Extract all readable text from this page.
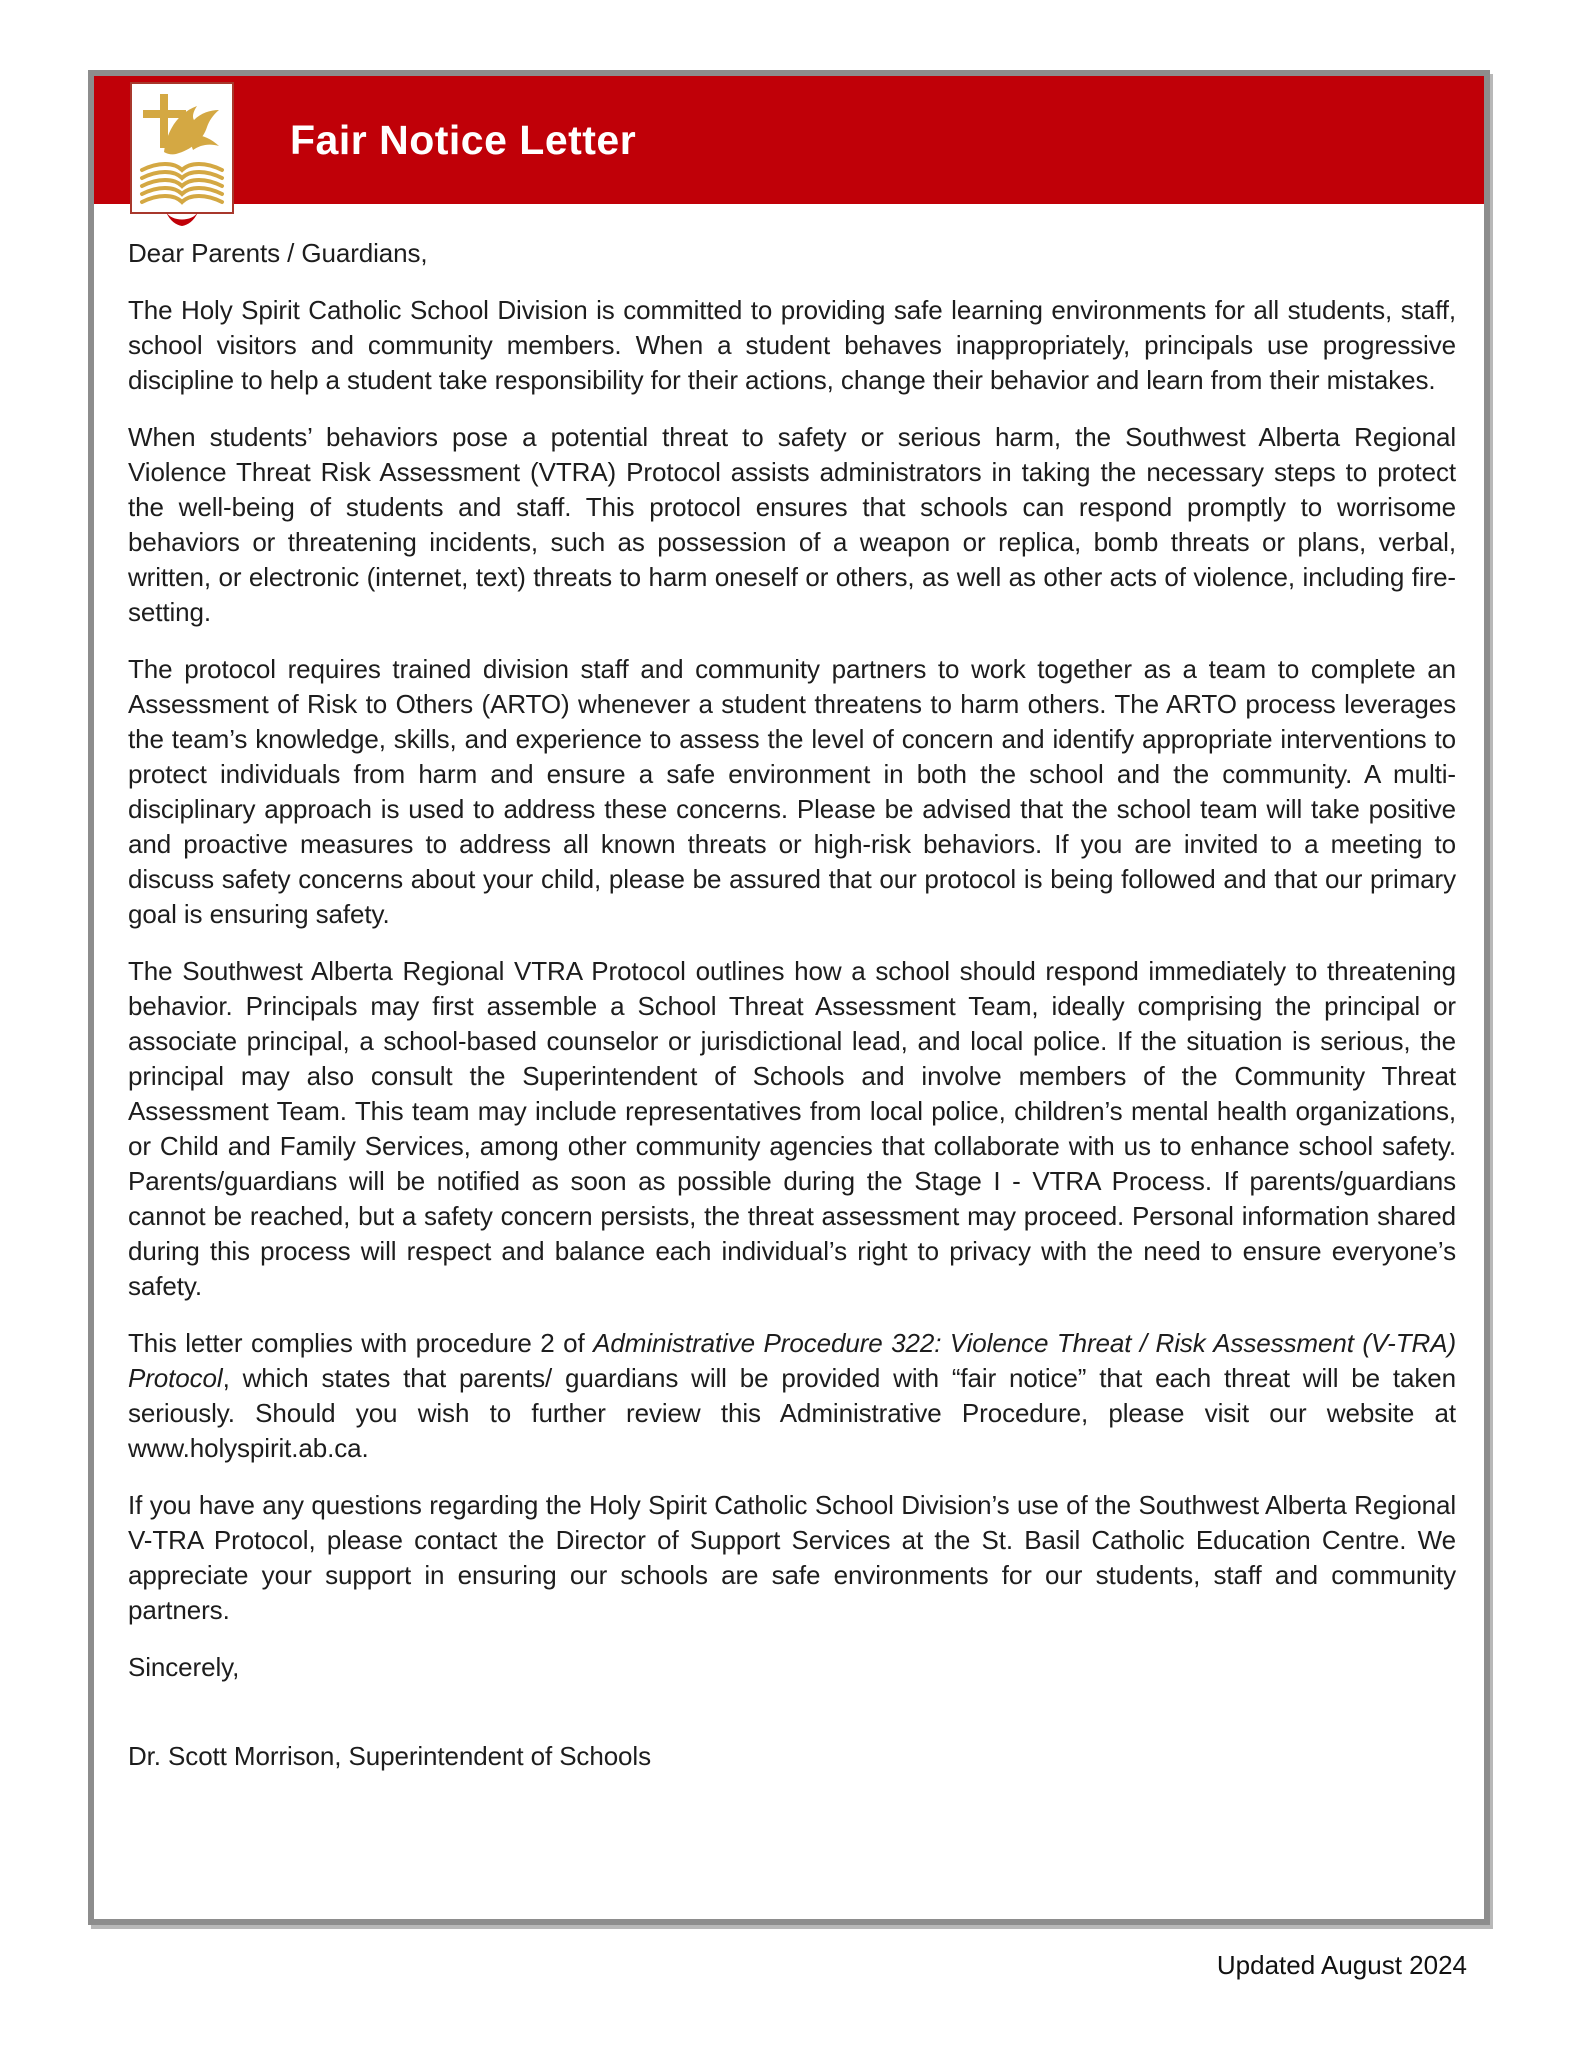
Fair Notice Letter

Dear Parents / Guardians,

The Holy Spirit Catholic School Division is committed to providing safe learning environments for all students, staff, school visitors and community members. When a student behaves inappropriately, principals use progressive discipline to help a student take responsibility for their actions, change their behavior and learn from their mistakes.

When students’ behaviors pose a potential threat to safety or serious harm, the Southwest Alberta Regional Violence Threat Risk Assessment (VTRA) Protocol assists administrators in taking the necessary steps to protect the well-being of students and staff. This protocol ensures that schools can respond promptly to worrisome behaviors or threatening incidents, such as possession of a weapon or replica, bomb threats or plans, verbal, written, or electronic (internet, text) threats to harm oneself or others, as well as other acts of violence, including fire-setting.

The protocol requires trained division staff and community partners to work together as a team to complete an Assessment of Risk to Others (ARTO) whenever a student threatens to harm others. The ARTO process leverages the team’s knowledge, skills, and experience to assess the level of concern and identify appropriate interventions to protect individuals from harm and ensure a safe environment in both the school and the community. A multi-disciplinary approach is used to address these concerns. Please be advised that the school team will take positive and proactive measures to address all known threats or high-risk behaviors. If you are invited to a meeting to discuss safety concerns about your child, please be assured that our protocol is being followed and that our primary goal is ensuring safety.

The Southwest Alberta Regional VTRA Protocol outlines how a school should respond immediately to threatening behavior. Principals may first assemble a School Threat Assessment Team, ideally comprising the principal or associate principal, a school-based counselor or jurisdictional lead, and local police. If the situation is serious, the principal may also consult the Superintendent of Schools and involve members of the Community Threat Assessment Team. This team may include representatives from local police, children’s mental health organizations, or Child and Family Services, among other community agencies that collaborate with us to enhance school safety. Parents/guardians will be notified as soon as possible during the Stage I - VTRA Process. If parents/guardians cannot be reached, but a safety concern persists, the threat assessment may proceed. Personal information shared during this process will respect and balance each individual’s right to privacy with the need to ensure everyone’s safety.

This letter complies with procedure 2 of Administrative Procedure 322: Violence Threat / Risk Assessment (V-TRA) Protocol, which states that parents/ guardians will be provided with “fair notice” that each threat will be taken seriously. Should you wish to further review this Administrative Procedure, please visit our website at www.holyspirit.ab.ca.

If you have any questions regarding the Holy Spirit Catholic School Division’s use of the Southwest Alberta Regional V-TRA Protocol, please contact the Director of Support Services at the St. Basil Catholic Education Centre. We appreciate your support in ensuring our schools are safe environments for our students, staff and community partners.

Sincerely,

Dr. Scott Morrison, Superintendent of Schools

Updated August 2024
